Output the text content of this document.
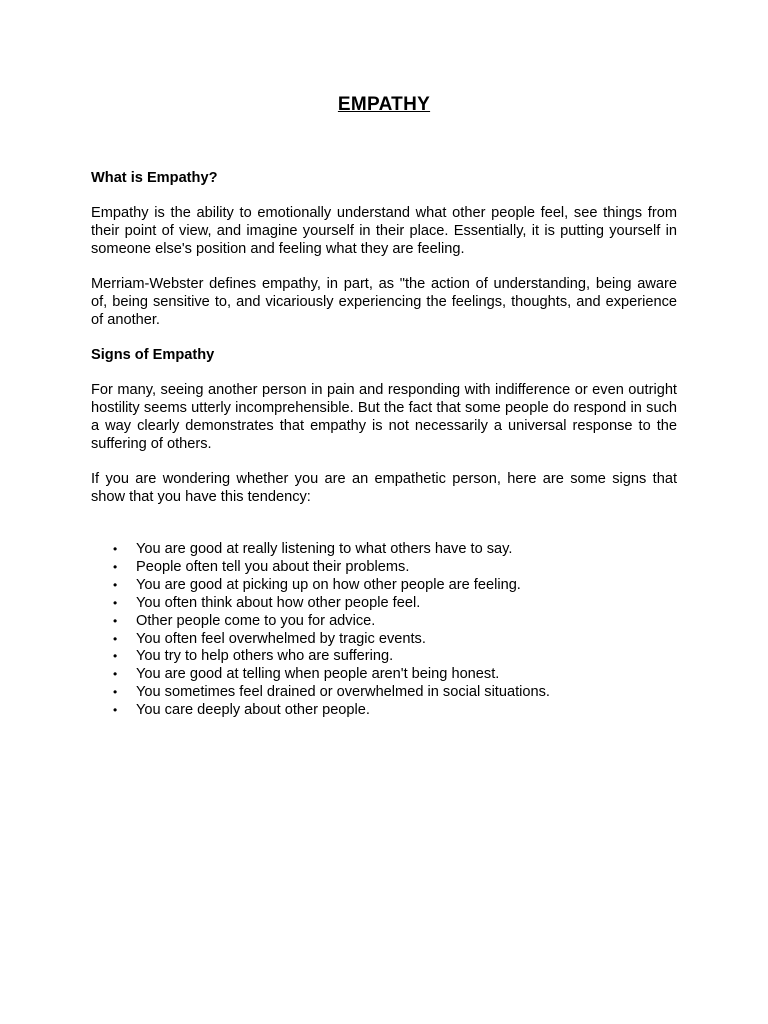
EMPATHY

What is Empathy?

Empathy is the ability to emotionally understand what other people feel, see things from their point of view, and imagine yourself in their place. Essentially, it is putting yourself in someone else's position and feeling what they are feeling.

Merriam-Webster defines empathy, in part, as "the action of understanding, being aware of, being sensitive to, and vicariously experiencing the feelings, thoughts, and experience of another.

Signs of Empathy

For many, seeing another person in pain and responding with indifference or even outright hostility seems utterly incomprehensible. But the fact that some people do respond in such a way clearly demonstrates that empathy is not necessarily a universal response to the suffering of others.

If you are wondering whether you are an empathetic person, here are some signs that show that you have this tendency:

• You are good at really listening to what others have to say.
• People often tell you about their problems.
• You are good at picking up on how other people are feeling.
• You often think about how other people feel.
• Other people come to you for advice.
• You often feel overwhelmed by tragic events.
• You try to help others who are suffering.
• You are good at telling when people aren't being honest.
• You sometimes feel drained or overwhelmed in social situations.
• You care deeply about other people.
